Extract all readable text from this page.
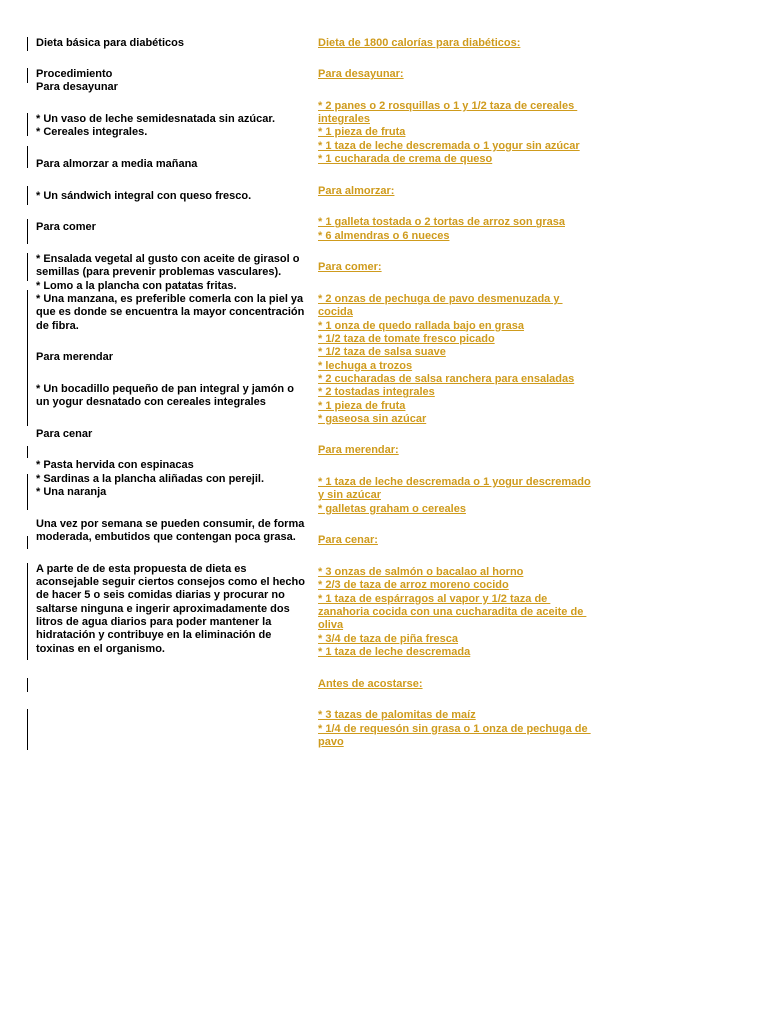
Dieta básica para diabéticos
Procedimiento
Para desayunar
* Un vaso de leche semidesnatada sin azúcar.
* Cereales integrales.
Para almorzar a media mañana
* Un sándwich integral con queso fresco.
Para comer
* Ensalada vegetal al gusto con aceite de girasol o
semillas (para prevenir problemas vasculares).
* Lomo a la plancha con patatas fritas.
* Una manzana, es preferible comerla con la piel ya
que es donde se encuentra la mayor concentración
de fibra.
Para merendar
* Un bocadillo pequeño de pan integral y jamón o
un yogur desnatado con cereales integrales
Para cenar
* Pasta hervida con espinacas
* Sardinas a la plancha aliñadas con perejil.
* Una naranja
Una vez por semana se pueden consumir, de forma
moderada, embutidos que contengan poca grasa.
A parte de de esta propuesta de dieta es
aconsejable seguir ciertos consejos como el hecho
de hacer 5 o seis comidas diarias y procurar no
saltarse ninguna e ingerir aproximadamente dos
litros de agua diarios para poder mantener la
hidratación y contribuye en la eliminación de
toxinas en el organismo.
Dieta de 1800 calorías para diabéticos:
Para desayunar:
* 2 panes o 2 rosquillas o 1 y 1/2 taza de cereales
integrales
* 1 pieza de fruta
* 1 taza de leche descremada o 1 yogur sin azúcar
* 1 cucharada de crema de queso
Para almorzar:
* 1 galleta tostada o 2 tortas de arroz son grasa
* 6 almendras o 6 nueces
Para comer:
* 2 onzas de pechuga de pavo desmenuzada y
cocida
* 1 onza de quedo rallada bajo en grasa
* 1/2 taza de tomate fresco picado
* 1/2 taza de salsa suave
* lechuga a trozos
* 2 cucharadas de salsa ranchera para ensaladas
* 2 tostadas integrales
* 1 pieza de fruta
* gaseosa sin azúcar
Para merendar:
* 1 taza de leche descremada o 1 yogur descremado
y sin azúcar
* galletas graham o cereales
Para cenar:
* 3 onzas de salmón o bacalao al horno
* 2/3 de taza de arroz moreno cocido
* 1 taza de espárragos al vapor y 1/2 taza de
zanahoria cocida con una cucharadita de aceite de
oliva
* 3/4 de taza de piña fresca
* 1 taza de leche descremada
Antes de acostarse:
* 3 tazas de palomitas de maíz
* 1/4 de requesón sin grasa o 1 onza de pechuga de
pavo
